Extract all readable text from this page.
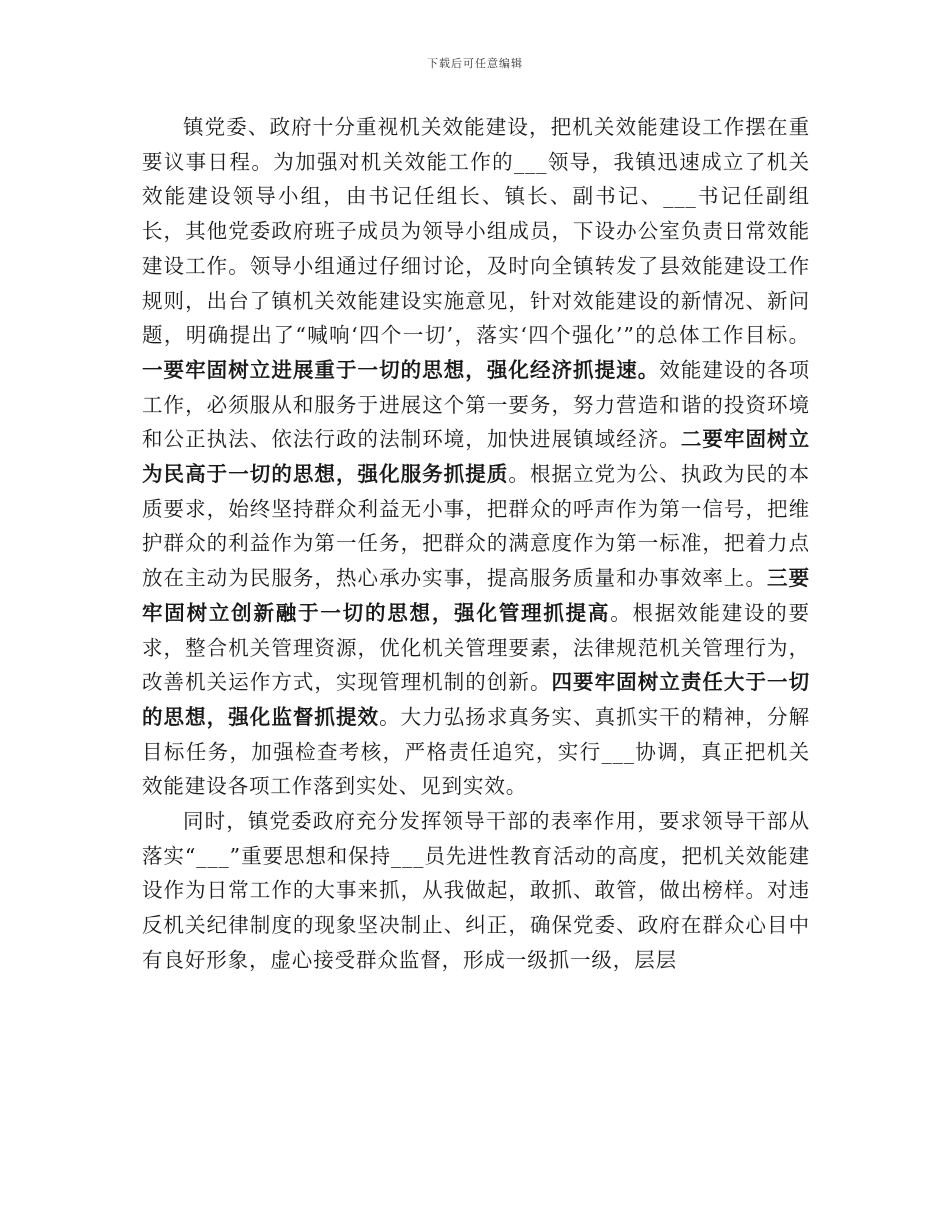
下载后可任意编辑

镇党委、政府十分重视机关效能建设，把机关效能建设工作摆在重要议事日程。为加强对机关效能工作的___领导，我镇迅速成立了机关效能建设领导小组，由书记任组长、镇长、副书记、___书记任副组长，其他党委政府班子成员为领导小组成员，下设办公室负责日常效能建设工作。领导小组通过仔细讨论，及时向全镇转发了县效能建设工作规则，出台了镇机关效能建设实施意见，针对效能建设的新情况、新问题，明确提出了“喊响‘四个一切’，落实‘四个强化’”的总体工作目标。一要牢固树立进展重于一切的思想，强化经济抓提速。效能建设的各项工作，必须服从和服务于进展这个第一要务，努力营造和谐的投资环境和公正执法、依法行政的法制环境，加快进展镇域经济。二要牢固树立为民高于一切的思想，强化服务抓提质。根据立党为公、执政为民的本质要求，始终坚持群众利益无小事，把群众的呼声作为第一信号，把维护群众的利益作为第一任务，把群众的满意度作为第一标准，把着力点放在主动为民服务，热心承办实事，提高服务质量和办事效率上。三要牢固树立创新融于一切的思想，强化管理抓提高。根据效能建设的要求，整合机关管理资源，优化机关管理要素，法律规范机关管理行为，改善机关运作方式，实现管理机制的创新。四要牢固树立责任大于一切的思想，强化监督抓提效。大力弘扬求真务实、真抓实干的精神，分解目标任务，加强检查考核，严格责任追究，实行___协调，真正把机关效能建设各项工作落到实处、见到实效。

同时，镇党委政府充分发挥领导干部的表率作用，要求领导干部从落实“___”重要思想和保持___员先进性教育活动的高度，把机关效能建设作为日常工作的大事来抓，从我做起，敢抓、敢管，做出榜样。对违反机关纪律制度的现象坚决制止、纠正，确保党委、政府在群众心目中有良好形象，虚心接受群众监督，形成一级抓一级，层层
